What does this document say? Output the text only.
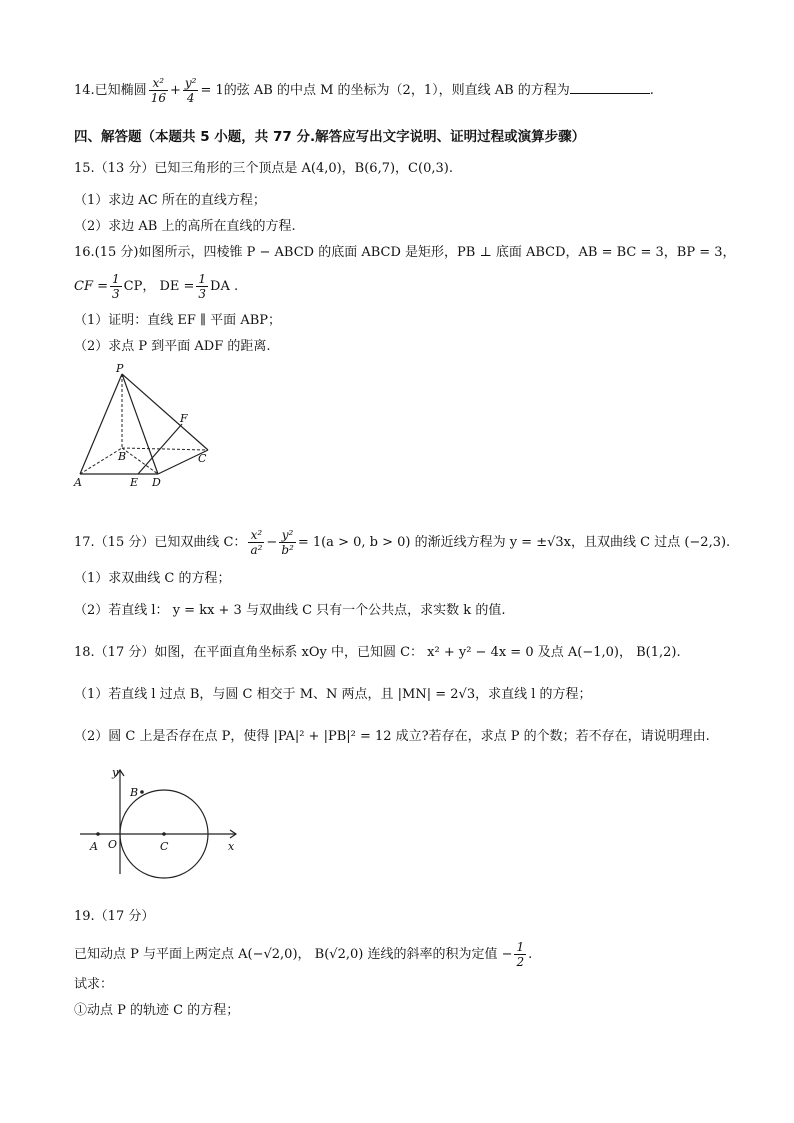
14.已知椭圆 $\frac{\text{x²}}{16} + \frac{\text{y²}}{4} = 1$的弦 AB 的中点 M 的坐标为（2，1），则直线 AB 的方程为	.
四、解答题（本题共 5 小题，共 77 分.解答应写出文字说明、证明过程或演算步骤）
15.（13 分）已知三角形的三个顶点是 A(4,0)，B(6,7)，C(0,3).
（1）求边 AC 所在的直线方程；
（2）求边 AB 上的高所在直线的方程.
16.(15 分)如图所示，四棱锥 P − ABCD 的底面 ABCD 是矩形，PB ⊥ 底面 ABCD，AB = BC = 3，BP = 3，
CF = $\frac{1}{3}$ CP， DE = $\frac{1}{3}$ DA .
（1）证明：直线 EF ∥ 平面 ABP；
（2）求点 P 到平面 ADF 的距离.
P
F
B	C
A	E D
17.（15 分）已知双曲线 C： $\frac{\text{x²}}{\text{a²}} - \frac{\text{y²}}{\text{b²}} = 1(a > 0$, b > 0) 的渐近线方程为 y = ±√3x，且双曲线 C 过点 (−2,3).
（1）求双曲线 C 的方程；
（2）若直线 l： y = kx + 3 与双曲线 C 只有一个公共点，求实数 k 的值.
18.（17 分）如图，在平面直角坐标系 xOy 中，已知圆 C： x² + y² − 4x = 0 及点 A(−1,0)， B(1,2).
（1）若直线 l 过点 B，与圆 C 相交于 M、N 两点，且 |MN| = 2√3，求直线 l 的方程；
（2）圆 C 上是否存在点 P，使得 |PA|² + |PB|² = 12 成立?若存在，求点 P 的个数；若不存在，请说明理由.
y
B
A O	C	x
19.（17 分）
已知动点 P 与平面上两定点 A(−√2,0)， B(√2,0) 连线的斜率的积为定值 − $\frac{1}{2}$ .
试求：
①动点 P 的轨迹 C 的方程；
